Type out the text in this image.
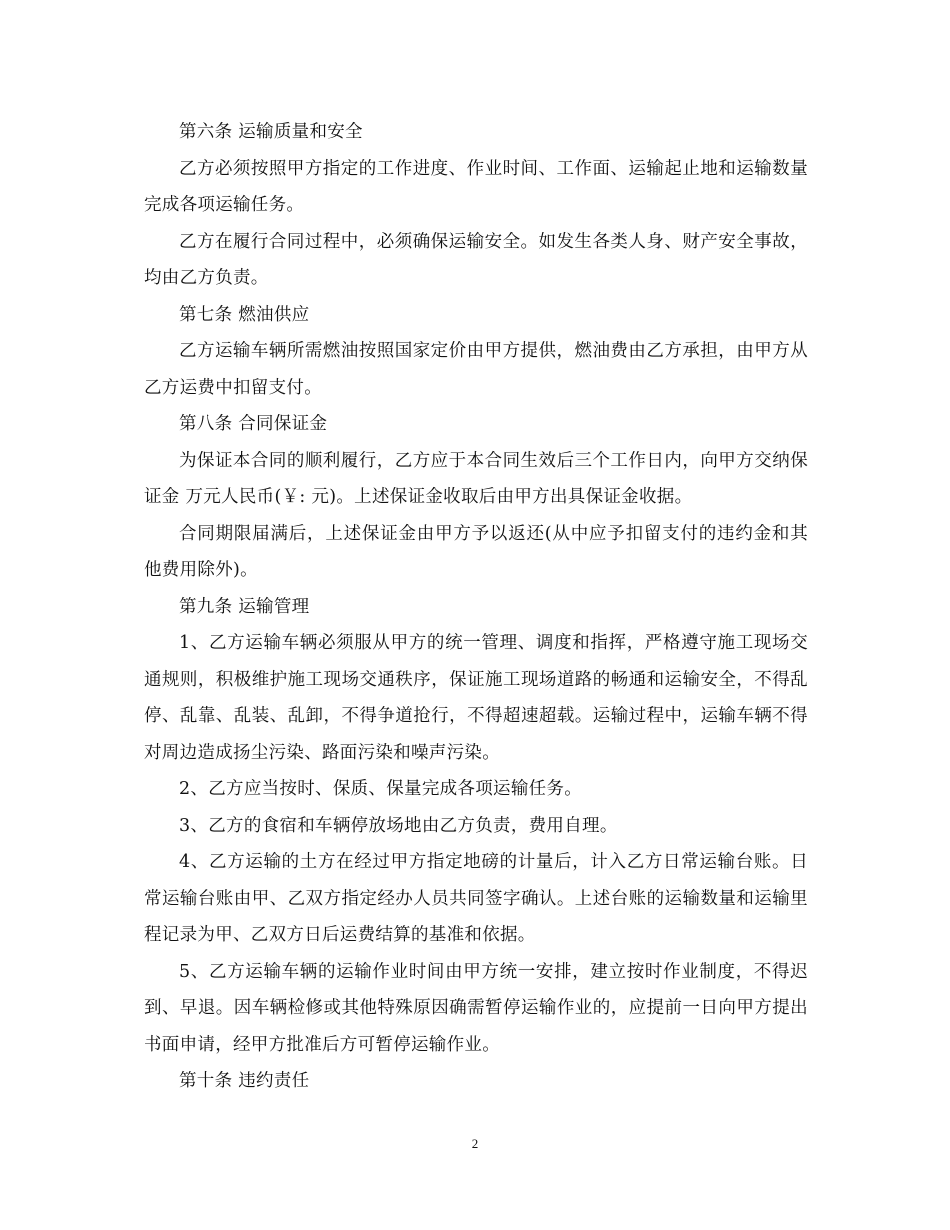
第六条 运输质量和安全

乙方必须按照甲方指定的工作进度、作业时间、工作面、运输起止地和运输数量完成各项运输任务。

乙方在履行合同过程中，必须确保运输安全。如发生各类人身、财产安全事故，均由乙方负责。

第七条 燃油供应

乙方运输车辆所需燃油按照国家定价由甲方提供，燃油费由乙方承担，由甲方从乙方运费中扣留支付。

第八条 合同保证金

为保证本合同的顺利履行，乙方应于本合同生效后三个工作日内，向甲方交纳保证金 万元人民币(￥: 元)。上述保证金收取后由甲方出具保证金收据。

合同期限届满后，上述保证金由甲方予以返还(从中应予扣留支付的违约金和其他费用除外)。

第九条 运输管理

1、乙方运输车辆必须服从甲方的统一管理、调度和指挥，严格遵守施工现场交通规则，积极维护施工现场交通秩序，保证施工现场道路的畅通和运输安全，不得乱停、乱靠、乱装、乱卸，不得争道抢行，不得超速超载。运输过程中，运输车辆不得对周边造成扬尘污染、路面污染和噪声污染。

2、乙方应当按时、保质、保量完成各项运输任务。

3、乙方的食宿和车辆停放场地由乙方负责，费用自理。

4、乙方运输的土方在经过甲方指定地磅的计量后，计入乙方日常运输台账。日常运输台账由甲、乙双方指定经办人员共同签字确认。上述台账的运输数量和运输里程记录为甲、乙双方日后运费结算的基准和依据。

5、乙方运输车辆的运输作业时间由甲方统一安排，建立按时作业制度，不得迟到、早退。因车辆检修或其他特殊原因确需暂停运输作业的，应提前一日向甲方提出书面申请，经甲方批准后方可暂停运输作业。

第十条 违约责任

2
